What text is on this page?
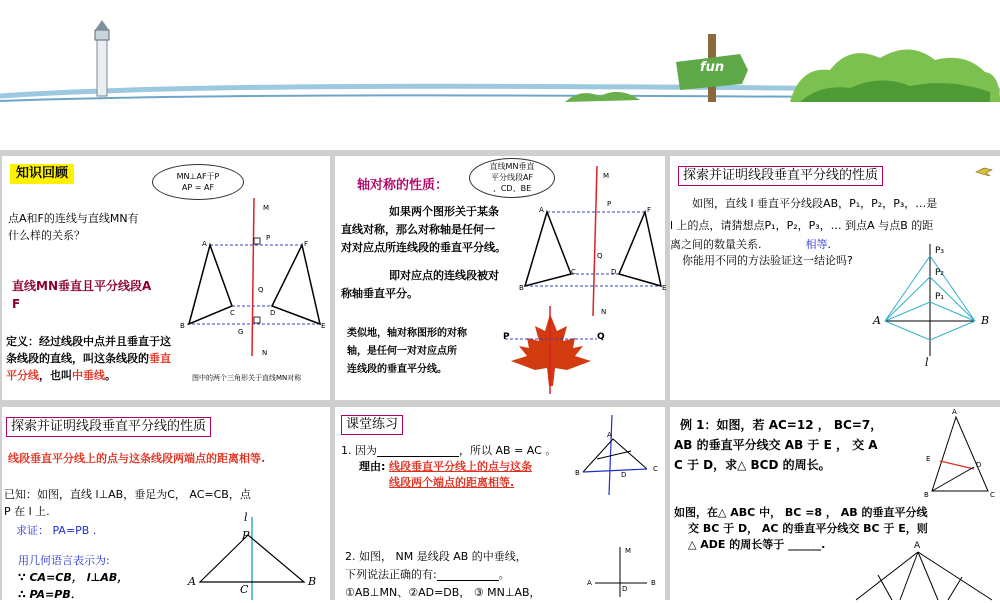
fun
知识回顾	MN⊥AF于P
AP = AF
点A和F的连线与直线MN有
什么样的关系？
直线MN垂直且平分线段A
F
定义：经过线段中点并且垂直于这
条线段的直线，叫这条线段的垂直
平分线，也叫中垂线。	图中的两个三角形关于直线MN对称
M
P
A	F
Q
B
C	D
E
G
N
直线MN垂直
平分线段AF
、CD、BE
轴对称的性质：
如果两个图形关于某条
直线对称，那么对称轴是任何一
对对应点所连线段的垂直平分线。
即对应点的连线段被对
称轴垂直平分。
类似地，轴对称图形的对称
轴，是任何一对对应点所
连线段的垂直平分线。
M
P
A	F
Q
B
C	D
E
N
P	Q
探索并证明线段垂直平分线的性质
如图，直线 l 垂直平分线段AB，P₁，P₂，P₃，…是
l 上的点，请猜想点P₁，P₂，P₃，… 到点A 与点B 的距
离之间的数量关系.	相等.
你能用不同的方法验证这一结论吗?
P₃
P₂
P₁
A	B
l
探索并证明线段垂直平分线的性质
线段垂直平分线上的点与这条线段两端点的距离相等.
已知：如图，直线 l⊥AB，垂足为C， AC=CB，点
P 在 l 上.
求证： PA=PB .
用几何语言表示为:
∵ CA=CB， l⊥AB，
∴ PA=PB．
l
P
A	B
C
课堂练习
1. 因为	，所以 AB = AC 。
理由: 线段垂直平分线上的点与这条
线段两个端点的距离相等.
2. 如图， NM 是线段 AB 的中垂线，
下列说法正确的有:	。
①AB⊥MN、②AD=DB， ③ MN⊥AB，
A
B	C
D
M
A	B
D
例 1：如图，若 AC=12 ， BC=7，
AB 的垂直平分线交 AB 于 E ， 交 A
C 于 D，求△ BCD 的周长。
如图，在△ ABC 中， BC =8 ， AB 的垂直平分线
交 BC 于 D， AC 的垂直平分线交 BC 于 E，则
△ ADE 的周长等于 ______.
A
E
D
B	C
A
